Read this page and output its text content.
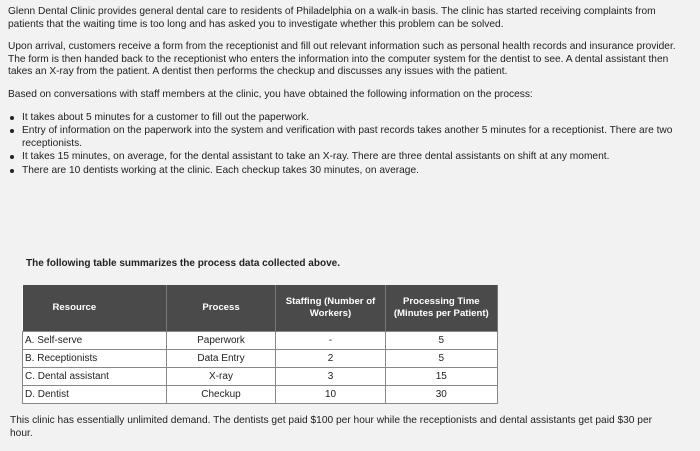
Glenn Dental Clinic provides general dental care to residents of Philadelphia on a walk-in basis. The clinic has started receiving complaints from patients that the waiting time is too long and has asked you to investigate whether this problem can be solved.

Upon arrival, customers receive a form from the receptionist and fill out relevant information such as personal health records and insurance provider. The form is then handed back to the receptionist who enters the information into the computer system for the dentist to see. A dental assistant then takes an X-ray from the patient. A dentist then performs the checkup and discusses any issues with the patient.

Based on conversations with staff members at the clinic, you have obtained the following information on the process:

It takes about 5 minutes for a customer to fill out the paperwork.
Entry of information on the paperwork into the system and verification with past records takes another 5 minutes for a receptionist. There are two receptionists.
It takes 15 minutes, on average, for the dental assistant to take an X-ray. There are three dental assistants on shift at any moment.
There are 10 dentists working at the clinic. Each checkup takes 30 minutes, on average.
The following table summarizes the process data collected above.
Resource	Process	Staffing (Number of Workers)	Processing Time (Minutes per Patient)
A. Self-serve	Paperwork	-	5
B. Receptionists	Data Entry	2	5
C. Dental assistant	X-ray	3	15
D. Dentist	Checkup	10	30
This clinic has essentially unlimited demand. The dentists get paid $100 per hour while the receptionists and dental assistants get paid $30 per hour.
